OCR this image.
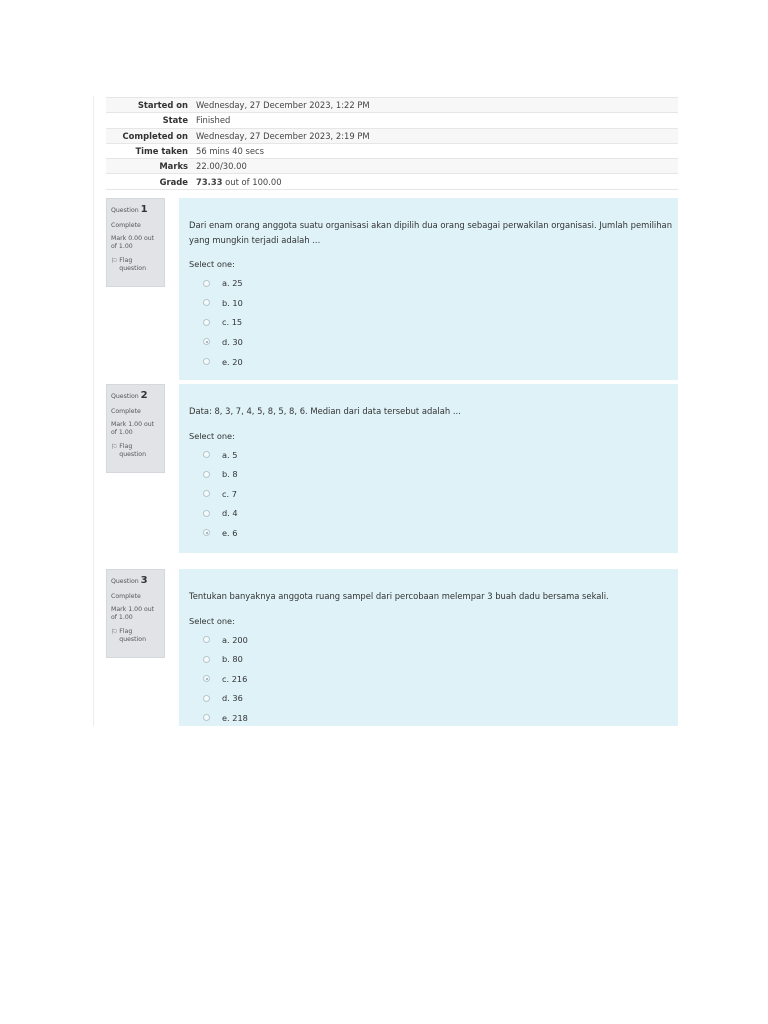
Started on	Wednesday, 27 December 2023, 1:22 PM
State	Finished
Completed on	Wednesday, 27 December 2023, 2:19 PM
Time taken	56 mins 40 secs
Marks	22.00/30.00
Grade	73.33 out of 100.00
Question 1
Complete
Mark 0.00 out of 1.00
⚐ Flag question
Dari enam orang anggota suatu organisasi akan dipilih dua orang sebagai perwakilan organisasi. Jumlah pemilihan yang mungkin terjadi adalah ...
Select one:
a. 25
b. 10
c. 15
d. 30
e. 20
Question 2
Complete
Mark 1.00 out of 1.00
⚐ Flag question
Data: 8, 3, 7, 4, 5, 8, 5, 8, 6. Median dari data tersebut adalah ...
Select one:
a. 5
b. 8
c. 7
d. 4
e. 6
Question 3
Complete
Mark 1.00 out of 1.00
⚐ Flag question
Tentukan banyaknya anggota ruang sampel dari percobaan melempar 3 buah dadu bersama sekali.
Select one:
a. 200
b. 80
c. 216
d. 36
e. 218
